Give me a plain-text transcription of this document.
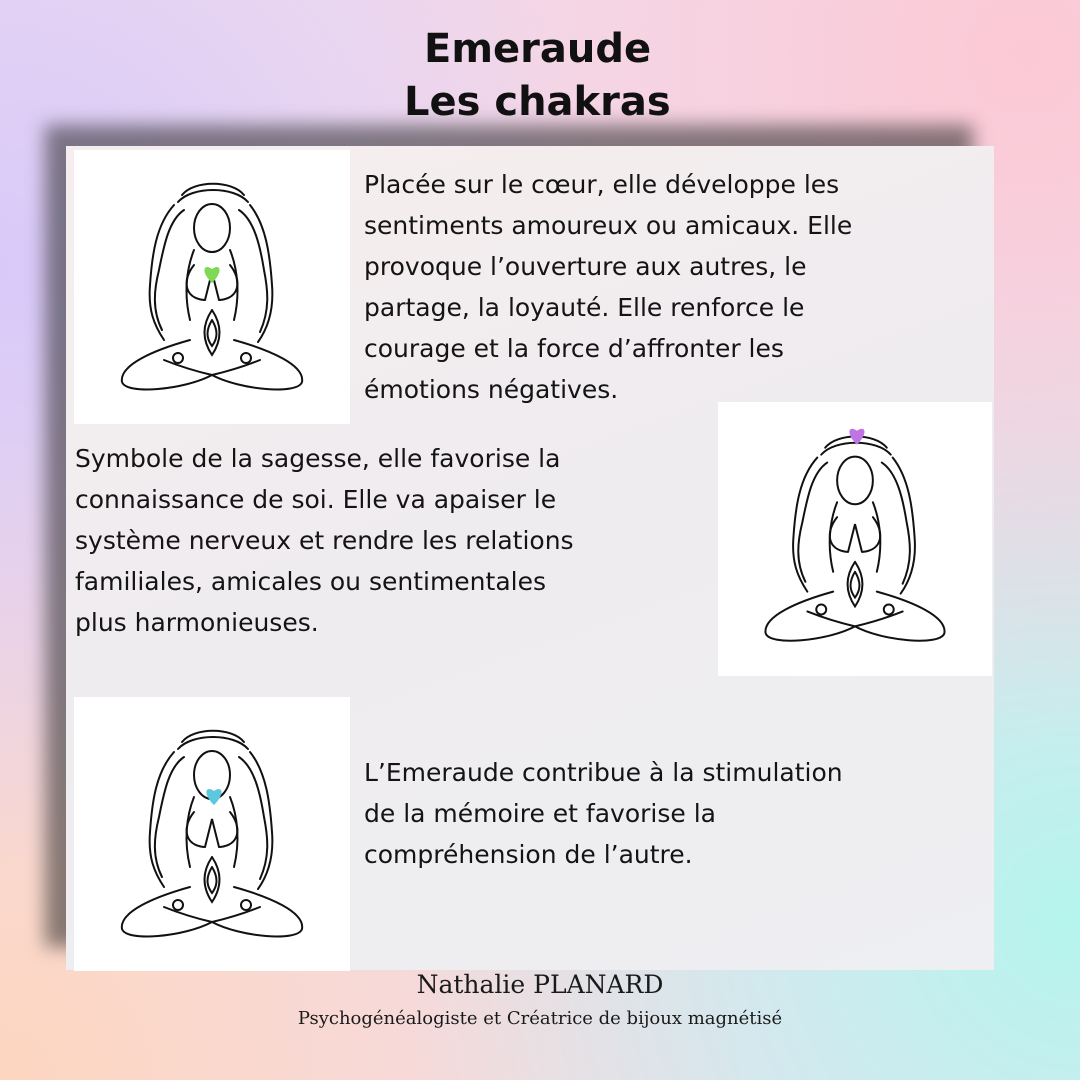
Emeraude
Les chakras

Placée sur le cœur, elle développe les
sentiments amoureux ou amicaux. Elle
provoque l’ouverture aux autres, le
partage, la loyauté. Elle renforce le
courage et la force d’affronter les
émotions négatives.

Symbole de la sagesse, elle favorise la
connaissance de soi. Elle va apaiser le
système nerveux et rendre les relations
familiales, amicales ou sentimentales
plus harmonieuses.

L’Emeraude contribue à la stimulation
de la mémoire et favorise la
compréhension de l’autre.

Nathalie PLANARD

Psychogénéalogiste et Créatrice de bijoux magnétisé
